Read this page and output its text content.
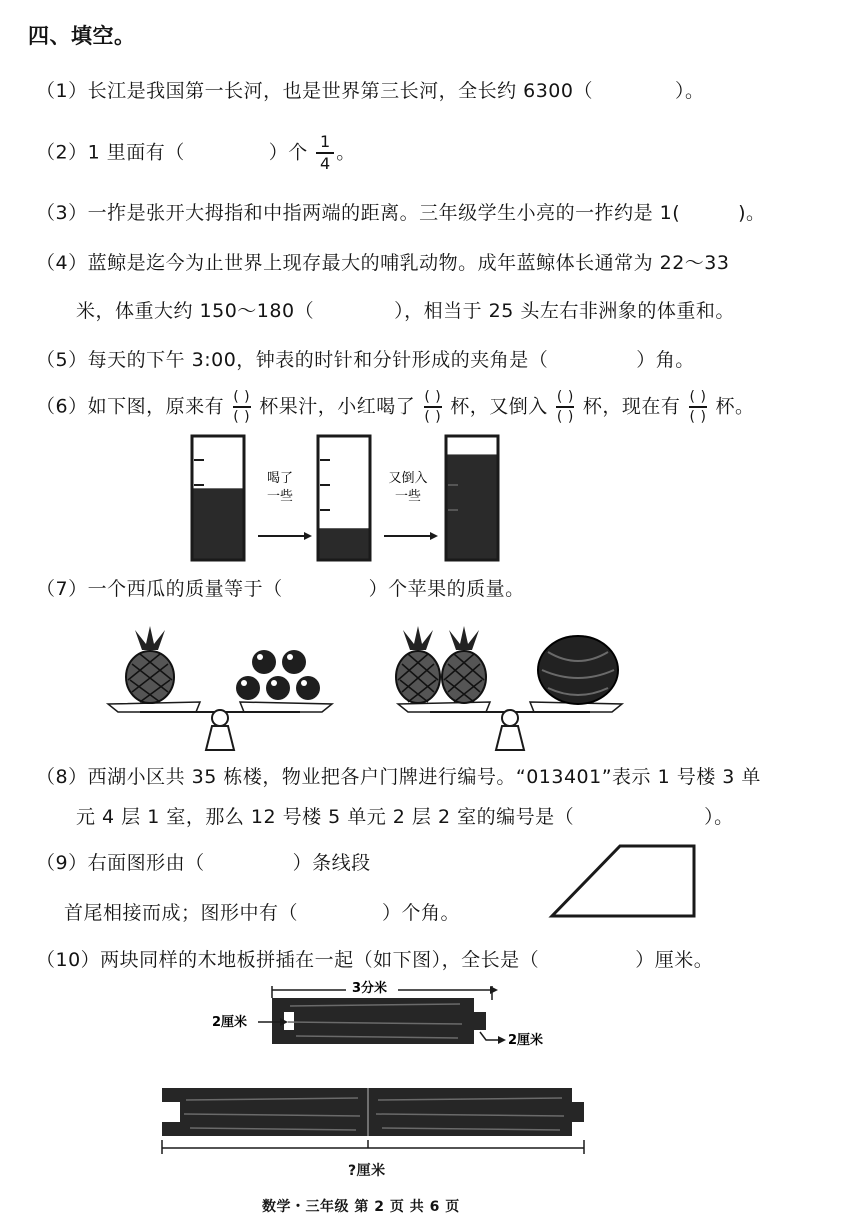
四、填空。
（1）长江是我国第一长河，也是世界第三长河，全长约 6300（	）。
（2）1 里面有（	）个 $\frac{1}{4}$ 。
（3）一拃是张开大拇指和中指两端的距离。三年级学生小亮的一拃约是 1(	)。
（4）蓝鲸是迄今为止世界上现存最大的哺乳动物。成年蓝鲸体长通常为 22～33
米，体重大约 150～180（	），相当于 25 头左右非洲象的体重和。
（5）每天的下午 3:00，钟表的时针和分针形成的夹角是（	）角。
（6）如下图，原来有 $\frac{( )}{( )}$ 杯果汁，小红喝了 $\frac{( )}{( )}$ 杯，又倒入 $\frac{( )}{( )}$ 杯，现在有 $\frac{( )}{( )}$ 杯。
喝了
一些
又倒入
一些
（7）一个西瓜的质量等于（	）个苹果的质量。
（8）西湖小区共 35 栋楼，物业把各户门牌进行编号。“013401”表示 1 号楼 3 单
元 4 层 1 室，那么 12 号楼 5 单元 2 层 2 室的编号是（	）。
（9）右面图形由（	）条线段
首尾相接而成；图形中有（	）个角。
（10）两块同样的木地板拼插在一起（如下图），全长是（	）厘米。
3分米
2厘米
2厘米
?厘米
数学・三年级 第 2 页 共 6 页
